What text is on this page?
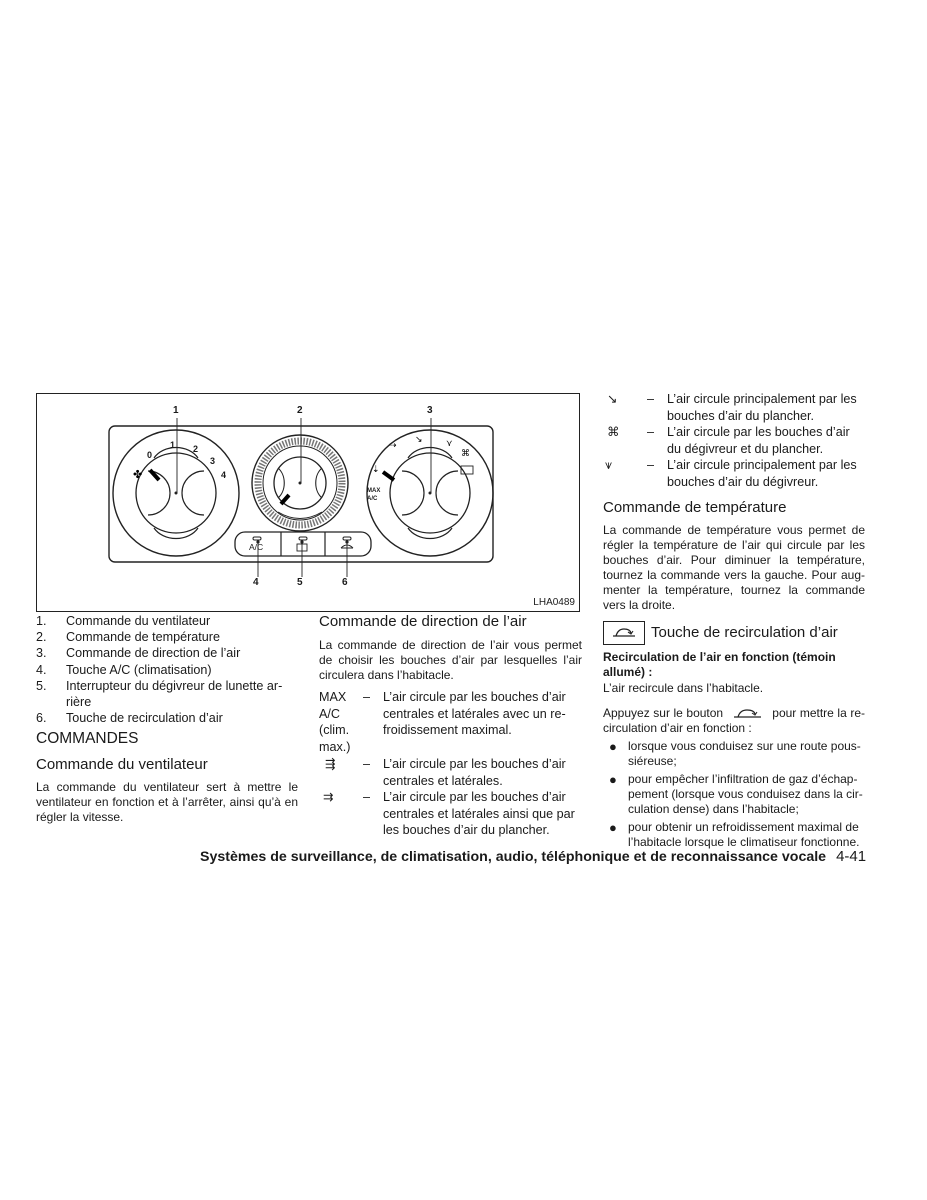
✤
⌘
⇣
⇢
↘	⋎
1	2	3
4	5	6
0
1 2
3
4
A/C
MAX
A/C
LHA0489
1.	Commande du ventilateur
2.	Commande de température
3.	Commande de direction de l’air
4.	Touche A/C (climatisation)
5.	Interrupteur du dégivreur de lunette ar-
rière
6.	Touche de recirculation d’air
COMMANDES
Commande du ventilateur

La commande du ventilateur sert à mettre le ventilateur en fonction et à l’arrêter, ainsi qu’à en régler la vitesse.

Commande de direction de l’air

La commande de direction de l’air vous permet de choisir les bouches d’air par lesquelles l’air circulera dans l’habitacle.

MAX
A/C
(clim.
max.)
–	L’air circule par les bouches d’air centrales et latérales avec un re-froidissement maximal.
⇶	–	L’air circule par les bouches d’air centrales et latérales.
⇉	–	L’air circule par les bouches d’air centrales et latérales ainsi que par les bouches d’air du plancher.
↘	–	L’air circule principalement par les bouches d’air du plancher.
⌘	–	L’air circule par les bouches d’air du dégivreur et du plancher.
⩛	–	L’air circule principalement par les bouches d’air du dégivreur.
Commande de température

La commande de température vous permet de régler la température de l’air qui circule par les bouches d’air. Pour diminuer la température, tournez la commande vers la gauche. Pour aug-menter la température, tournez la commande vers la droite.

Touche de recirculation d’air

Recirculation de l’air en fonction (témoin allumé) :

L’air recircule dans l’habitacle.

Appuyez sur le bouton	pour mettre la re-circulation d’air en fonction :

● lorsque vous conduisez sur une route pous-siéreuse;
● pour empêcher l’infiltration de gaz d’échap-pement (lorsque vous conduisez dans la cir-culation dense) dans l’habitacle;
● pour obtenir un refroidissement maximal de l’habitacle lorsque le climatiseur fonctionne.
Systèmes de surveillance, de climatisation, audio, téléphonique et de reconnaissance vocale 4-41
